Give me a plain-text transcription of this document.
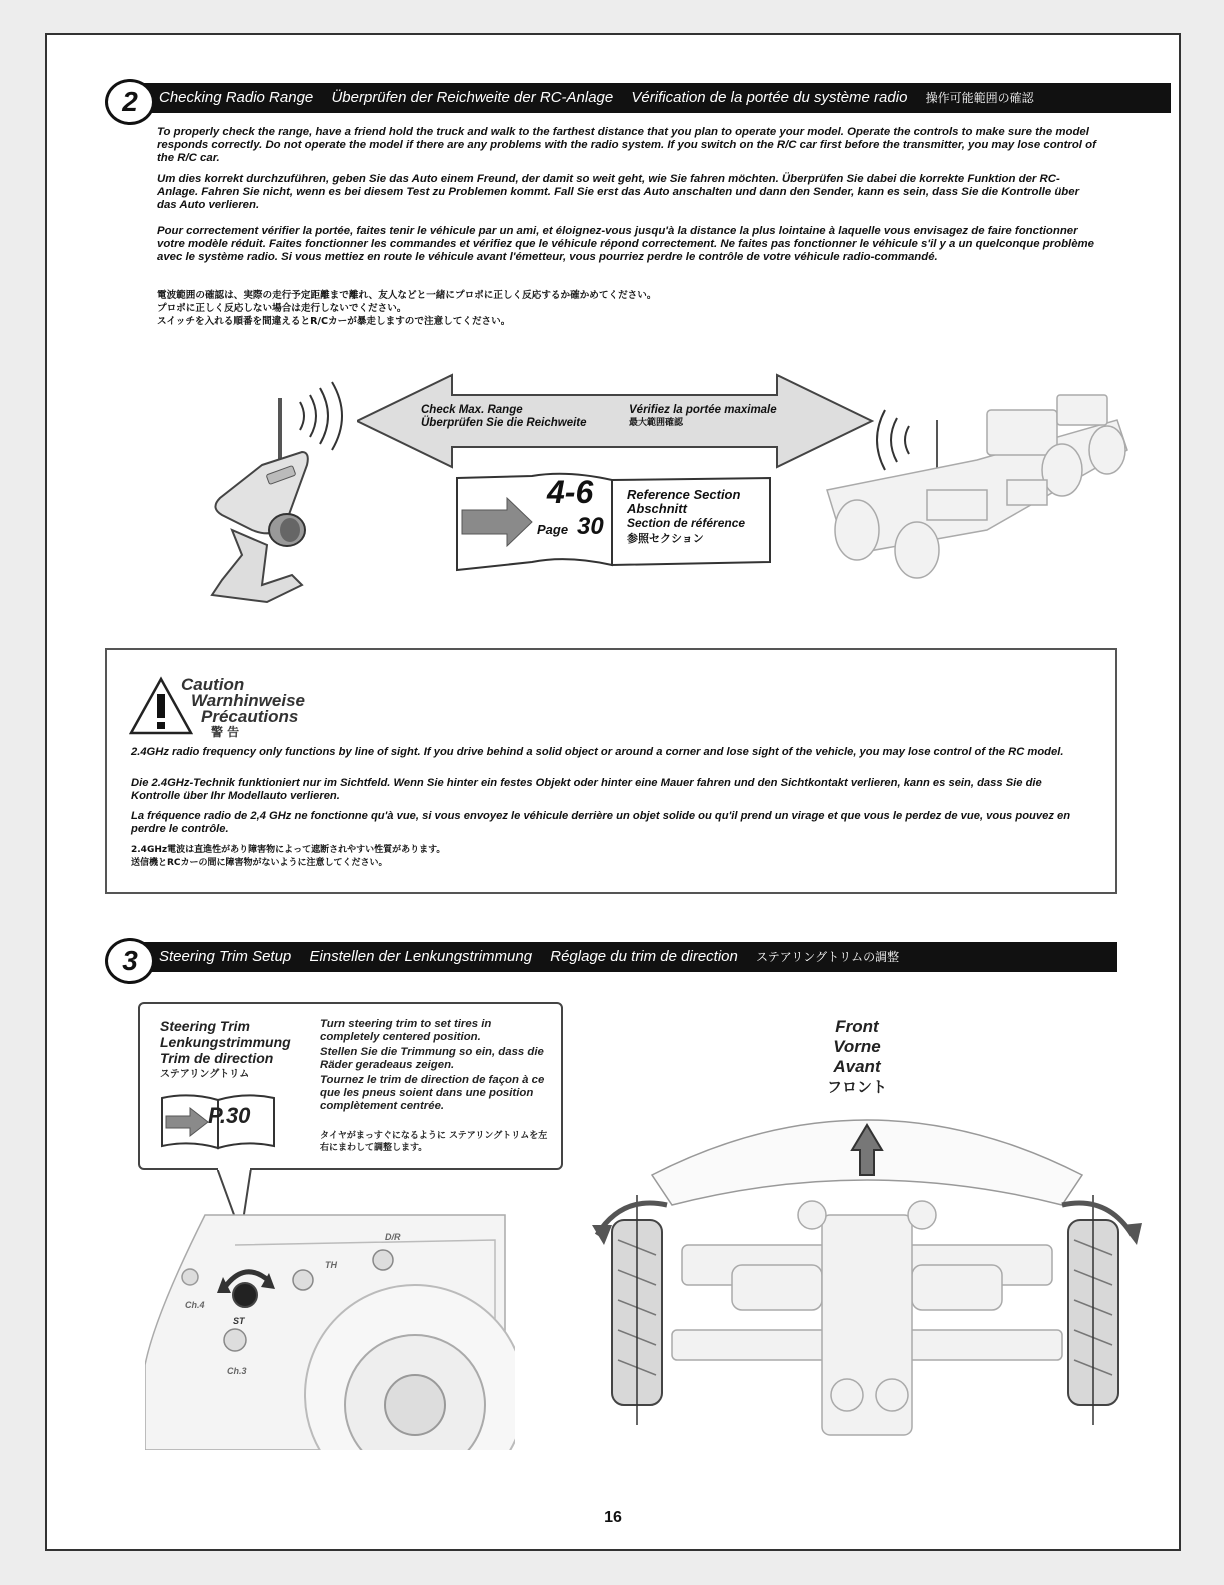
Checking Radio Range Überprüfen der Reichweite der RC-Anlage Vérification de la portée du système radio 操作可能範囲の確認
2
To properly check the range, have a friend hold the truck and walk to the farthest distance that you plan to operate your model. Operate the controls to make sure the model responds correctly. Do not operate the model if there are any problems with the radio system. If you switch on the R/C car first before the transmitter, you may lose control of the R/C car.
Um dies korrekt durchzuführen, geben Sie das Auto einem Freund, der damit so weit geht, wie Sie fahren möchten. Überprüfen Sie dabei die korrekte Funktion der RC-Anlage. Fahren Sie nicht, wenn es bei diesem Test zu Problemen kommt. Fall Sie erst das Auto anschalten und dann den Sender, kann es sein, dass Sie die Kontrolle über das Auto verlieren.
Pour correctement vérifier la portée, faites tenir le véhicule par un ami, et éloignez-vous jusqu'à la distance la plus lointaine à laquelle vous envisagez de faire fonctionner votre modèle réduit. Faites fonctionner les commandes et vérifiez que le véhicule répond correctement. Ne faites pas fonctionner le véhicule s'il y a un quelconque problème avec le système radio. Si vous mettiez en route le véhicule avant l'émetteur, vous pourriez perdre le contrôle de votre véhicule radio-commandé.
電波範囲の確認は、実際の走行予定距離まで離れ、友人などと一緒にプロポに正しく反応するか確かめてください。
プロポに正しく反応しない場合は走行しないでください。
スイッチを入れる順番を間違えるとR/Cカーが暴走しますので注意してください。
Check Max. Range
Überprüfen Sie die Reichweite
Vérifiez la portée maximale
最大範囲確認
4-6
Page 30
Reference Section
Abschnitt
Section de référence
参照セクション
Caution
Warnhinweise
Précautions
警 告
2.4GHz radio frequency only functions by line of sight. If you drive behind a solid object or around a corner and lose sight of the vehicle, you may lose control of the RC model.
Die 2.4GHz-Technik funktioniert nur im Sichtfeld. Wenn Sie hinter ein festes Objekt oder hinter eine Mauer fahren und den Sichtkontakt verlieren, kann es sein, dass Sie die Kontrolle über Ihr Modellauto verlieren.
La fréquence radio de 2,4 GHz ne fonctionne qu'à vue, si vous envoyez le véhicule derrière un objet solide ou qu'il prend un virage et que vous le perdez de vue, vous pouvez en perdre le contrôle.
2.4GHz電波は直進性があり障害物によって遮断されやすい性質があります。
送信機とRCカーの間に障害物がないように注意してください。
Steering Trim Setup Einstellen der Lenkungstrimmung Réglage du trim de direction ステアリングトリムの調整
3
Steering Trim
Lenkungstrimmung
Trim de direction
ステアリングトリム
P.30
Turn steering trim to set tires in completely centered position.
Stellen Sie die Trimmung so ein, dass die Räder geradeaus zeigen.
Tournez le trim de direction de façon à ce que les pneus soient dans une position complètement centrée.
タイヤがまっすぐになるように ステアリングトリムを左右にまわして調整します。
ST
TH
D/R
Ch.4
Ch.3
Front
Vorne
Avant
フロント
16
